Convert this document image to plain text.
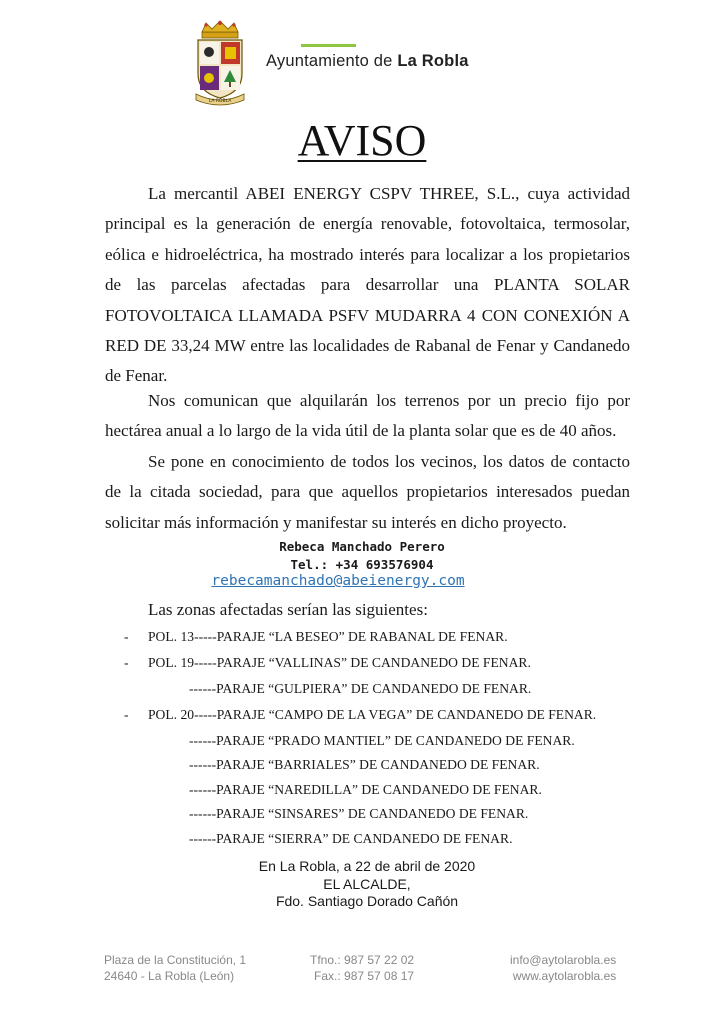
LA ROBLA
Ayuntamiento de La Robla
AVISO

La mercantil ABEI ENERGY CSPV THREE, S.L., cuya actividad principal es la generación de energía renovable, fotovoltaica, termosolar, eólica e hidroeléctrica, ha mostrado interés para localizar a los propietarios de las parcelas afectadas para desarrollar una PLANTA SOLAR FOTOVOLTAICA LLAMADA PSFV MUDARRA 4 CON CONEXIÓN A RED DE 33,24 MW entre las localidades de Rabanal de Fenar y Candanedo de Fenar.

Nos comunican que alquilarán los terrenos por un precio fijo por hectárea anual a lo largo de la vida útil de la planta solar que es de 40 años.

Se pone en conocimiento de todos los vecinos, los datos de contacto de la citada sociedad, para que aquellos propietarios interesados puedan solicitar más información y manifestar su interés en dicho proyecto.

Rebeca Manchado Perero
Tel.: +34 693576904
rebecamanchado@abeienergy.com
Las zonas afectadas serían las siguientes:
- POL. 13-----PARAJE “LA BESEO” DE RABANAL DE FENAR.
- POL. 19-----PARAJE “VALLINAS” DE CANDANEDO DE FENAR.
------PARAJE “GULPIERA” DE CANDANEDO DE FENAR.
- POL. 20-----PARAJE “CAMPO DE LA VEGA” DE CANDANEDO DE FENAR.
------PARAJE “PRADO MANTIEL” DE CANDANEDO DE FENAR.
------PARAJE “BARRIALES” DE CANDANEDO DE FENAR.
------PARAJE “NAREDILLA” DE CANDANEDO DE FENAR.
------PARAJE “SINSARES” DE CANDANEDO DE FENAR.
------PARAJE “SIERRA” DE CANDANEDO DE FENAR.
En La Robla, a 22 de abril de 2020
EL ALCALDE,
Fdo. Santiago Dorado Cañón
Plaza de la Constitución, 1
24640 - La Robla (León)
Tfno.: 987 57 22 02
Fax.: 987 57 08 17
info@aytolarobla.es
www.aytolarobla.es
